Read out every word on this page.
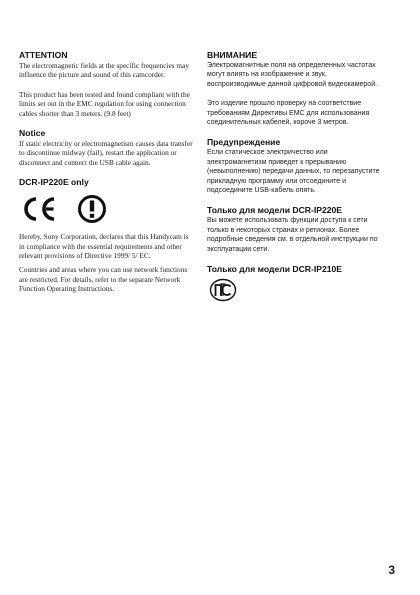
ATTENTION

The electromagnetic fields at the specific frequencies may influence the picture and sound of this camcorder.

This product has been tested and found compliant with the limits set out in the EMC regulation for using connection cables shorter than 3 meters. (9.8 feet)

Notice

If static electricity or electromagnetism causes data transfer to discontinue midway (fail), restart the application or disconnect and connect the USB cable again.

DCR-IP220E only

Hereby, Sony Corporation, declares that this Handycam is in compliance with the essential requirements and other relevant provisions of Directive 1999/ 5/ EC.

Countries and areas where you can use network functions are restricted. For details, refer to the separate Network Function Operating Instructions.

ВНИМАНИЕ

Электромагнитные поля на определенных частотах могут влиять на изображение и звук, воспроизводимые данной цифровой видеокамерой.

Это изделие прошло проверку на соответствие требованиям Директивы EMC для использования соединительных кабелей, короче 3 метров.

Предупреждение

Если статическое электричество или электромагнетизм приведет к прерыванию (невыполнению) передачи данных, то перезапустите прикладную программу или отсоедините и подсоедините USB-кабель опять.

Только для модели DCR-IP220E

Вы можете использовать функции доступа к сети только в некоторых странах и регионах. Более подробные сведения см. в отдельной инструкции по эксплуатации сети.

Только для модели DCR-IP210E

3
